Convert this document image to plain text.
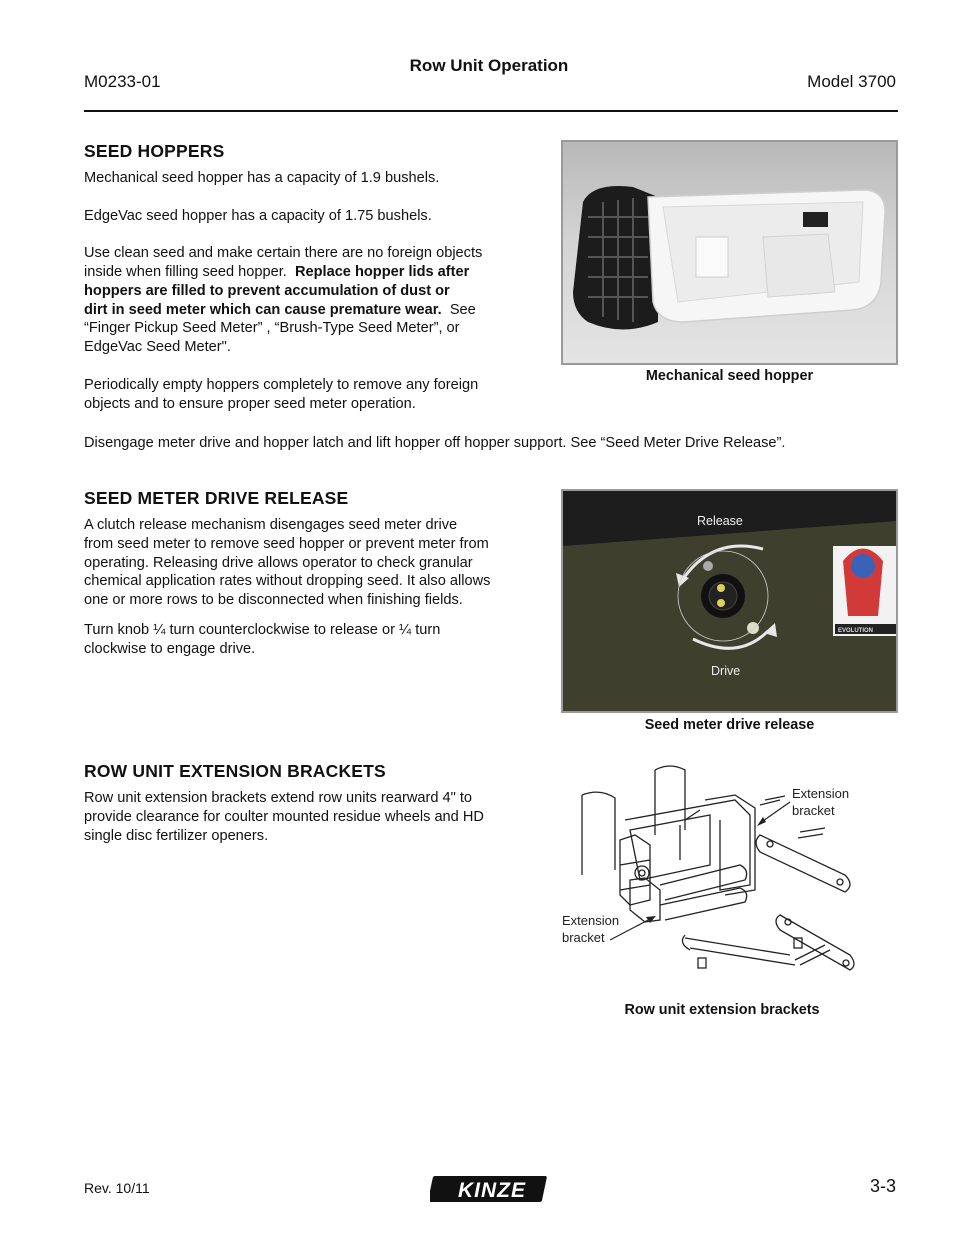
Row Unit Operation
M0233-01	Model 3700
SEED HOPPERS

Mechanical seed hopper has a capacity of 1.9 bushels.

EdgeVac seed hopper has a capacity of 1.75 bushels.

Use clean seed and make certain there are no foreign objects
inside when filling seed hopper. Replace hopper lids after
hoppers are filled to prevent accumulation of dust or
dirt in seed meter which can cause premature wear. See
“Finger Pickup Seed Meter” , “Brush-Type Seed Meter”, or
EdgeVac Seed Meter".

Periodically empty hoppers completely to remove any foreign
objects and to ensure proper seed meter operation.

Disengage meter drive and hopper latch and lift hopper off hopper support. See “Seed Meter Drive Release”.
Mechanical seed hopper
SEED METER DRIVE RELEASE

A clutch release mechanism disengages seed meter drive
from seed meter to remove seed hopper or prevent meter from
operating. Releasing drive allows operator to check granular
chemical application rates without dropping seed. It also allows
one or more rows to be disconnected when finishing fields.

Turn knob ¼ turn counterclockwise to release or ¼ turn
clockwise to engage drive.

EVOLUTION
Release
Drive
Seed meter drive release
ROW UNIT EXTENSION BRACKETS

Row unit extension brackets extend row units rearward 4" to
provide clearance for coulter mounted residue wheels and HD
single disc fertilizer openers.

Extension
bracket
Extension
bracket
Row unit extension brackets
Rev. 10/11	KINZE	3-3
